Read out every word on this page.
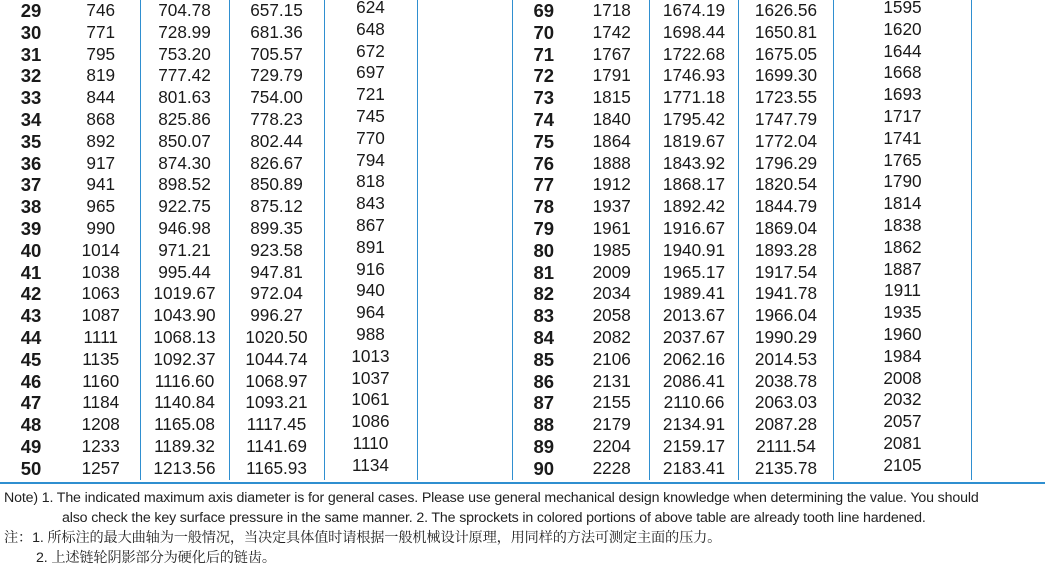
29	746	704.78	657.15	624	
30	771	728.99	681.36	648	
31	795	753.20	705.57	672	
32	819	777.42	729.79	697	
33	844	801.63	754.00	721	
34	868	825.86	778.23	745	
35	892	850.07	802.44	770	
36	917	874.30	826.67	794	
37	941	898.52	850.89	818	
38	965	922.75	875.12	843	
39	990	946.98	899.35	867	
40	1014	971.21	923.58	891	
41	1038	995.44	947.81	916	
42	1063	1019.67	972.04	940	
43	1087	1043.90	996.27	964	
44	1111	1068.13	1020.50	988	
45	1135	1092.37	1044.74	1013	
46	1160	1116.60	1068.97	1037	
47	1184	1140.84	1093.21	1061	
48	1208	1165.08	1117.45	1086	
49	1233	1189.32	1141.69	1110	
50	1257	1213.56	1165.93	1134	
69	1718	1674.19	1626.56	1595
70	1742	1698.44	1650.81	1620
71	1767	1722.68	1675.05	1644
72	1791	1746.93	1699.30	1668
73	1815	1771.18	1723.55	1693
74	1840	1795.42	1747.79	1717
75	1864	1819.67	1772.04	1741
76	1888	1843.92	1796.29	1765
77	1912	1868.17	1820.54	1790
78	1937	1892.42	1844.79	1814
79	1961	1916.67	1869.04	1838
80	1985	1940.91	1893.28	1862
81	2009	1965.17	1917.54	1887
82	2034	1989.41	1941.78	1911
83	2058	2013.67	1966.04	1935
84	2082	2037.67	1990.29	1960
85	2106	2062.16	2014.53	1984
86	2131	2086.41	2038.78	2008
87	2155	2110.66	2063.03	2032
88	2179	2134.91	2087.28	2057
89	2204	2159.17	2111.54	2081
90	2228	2183.41	2135.78	2105
Note) 1. The indicated maximum axis diameter is for general cases. Please use general mechanical design knowledge when determining the value. You should
also check the key surface pressure in the same manner. 2. The sprockets in colored portions of above table are already tooth line hardened.
注：1. 所标注的最大曲轴为一般情况，当决定具体值时请根据一般机械设计原理，用同样的方法可测定主面的压力。
2. 上述链轮阴影部分为硬化后的链齿。
